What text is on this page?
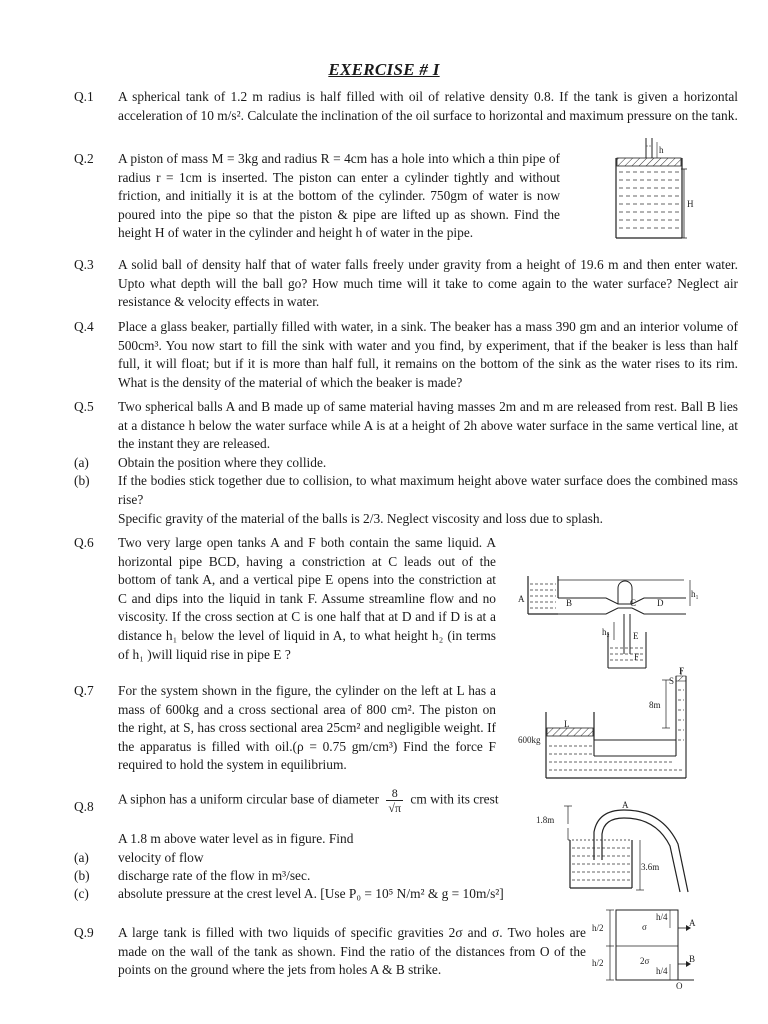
EXERCISE # I
Q.1	A spherical tank of 1.2 m radius is half filled with oil of relative density 0.8. If the tank is given a horizontal acceleration of 10 m/s². Calculate the inclination of the oil surface to horizontal and maximum pressure on the tank.
Q.2	A piston of mass M = 3kg and radius R = 4cm has a hole into which a thin pipe of radius r = 1cm is inserted. The piston can enter a cylinder tightly and without friction, and initially it is at the bottom of the cylinder. 750gm of water is now poured into the pipe so that the piston & pipe are lifted up as shown. Find the height H of water in the cylinder and height h of water in the pipe.
H
h
Q.3	A solid ball of density half that of water falls freely under gravity from a height of 19.6 m and then enter water. Upto what depth will the ball go? How much time will it take to come again to the water surface? Neglect air resistance & velocity effects in water.
Q.4	Place a glass beaker, partially filled with water, in a sink. The beaker has a mass 390 gm and an interior volume of 500cm³. You now start to fill the sink with water and you find, by experiment, that if the beaker is less than half full, it will float; but if it is more than half full, it remains on the bottom of the sink as the water rises to its rim. What is the density of the material of which the beaker is made?
Q.5	Two spherical balls A and B made up of same material having masses 2m and m are released from rest. Ball B lies at a distance h below the water surface while A is at a height of 2h above water surface in the same vertical line, at the instant they are released.
(a)	Obtain the position where they collide.
(b)	If the bodies stick together due to collision, to what maximum height above water surface does the combined mass rise?
Specific gravity of the material of the balls is 2/3. Neglect viscosity and loss due to splash.
Q.6	Two very large open tanks A and F both contain the same liquid. A horizontal pipe BCD, having a constriction at C leads out of the bottom of tank A, and a vertical pipe E opens into the constriction at C and dips into the liquid in tank F. Assume streamline flow and no viscosity. If the cross section at C is one half that at D and if D is at a distance h₁ below the level of liquid in A, to what height h₂ (in terms of h₁ )will liquid rise in pipe E ?
A	B	C D
E
F
h₁
h₂
Q.7	For the system shown in the figure, the cylinder on the left at L has a mass of 600kg and a cross sectional area of 800 cm². The piston on the right, at S, has cross sectional area 25cm² and negligible weight. If the apparatus is filled with oil.(ρ = 0.75 gm/cm³) Find the force F required to hold the system in equilibrium.
F
S
8m
L
600kg
Q.8	A siphon has a uniform circular base of diameter $\frac{8}{√\pi}$ cm with its crest
A 1.8 m above water level as in figure. Find
(a)	velocity of flow
(b)	discharge rate of the flow in m³/sec.
(c)	absolute pressure at the crest level A. [Use P₀ = 10⁵ N/m² & g = 10m/s²]
1.8m
A
3.6m
Q.9	A large tank is filled with two liquids of specific gravities 2σ and σ. Two holes are made on the wall of the tank as shown. Find the ratio of the distances from O of the points on the ground where the jets from holes A & B strike.
h/2
h/2
σ
2σ
h/4
h/4
A
B
O
